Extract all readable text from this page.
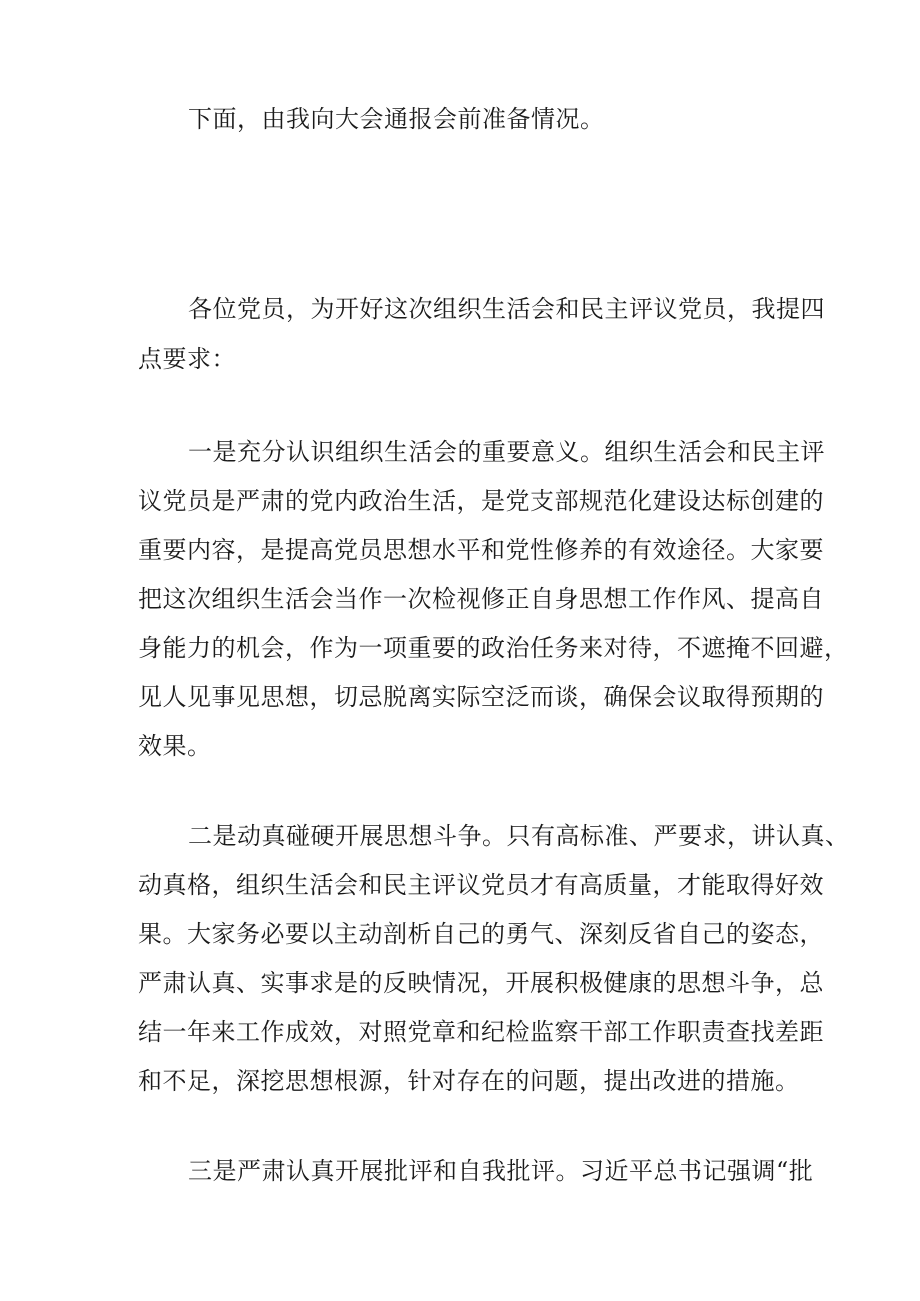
下面，由我向大会通报会前准备情况。
各位党员，为开好这次组织生活会和民主评议党员，我提四
点要求：
一是充分认识组织生活会的重要意义。组织生活会和民主评
议党员是严肃的党内政治生活，是党支部规范化建设达标创建的
重要内容，是提高党员思想水平和党性修养的有效途径。大家要
把这次组织生活会当作一次检视修正自身思想工作作风、提高自
身能力的机会，作为一项重要的政治任务来对待，不遮掩不回避，
见人见事见思想，切忌脱离实际空泛而谈，确保会议取得预期的
效果。
二是动真碰硬开展思想斗争。只有高标准、严要求，讲认真、
动真格，组织生活会和民主评议党员才有高质量，才能取得好效
果。大家务必要以主动剖析自己的勇气、深刻反省自己的姿态，
严肃认真、实事求是的反映情况，开展积极健康的思想斗争，总
结一年来工作成效，对照党章和纪检监察干部工作职责查找差距
和不足，深挖思想根源，针对存在的问题，提出改进的措施。
三是严肃认真开展批评和自我批评。习近平总书记强调“批
